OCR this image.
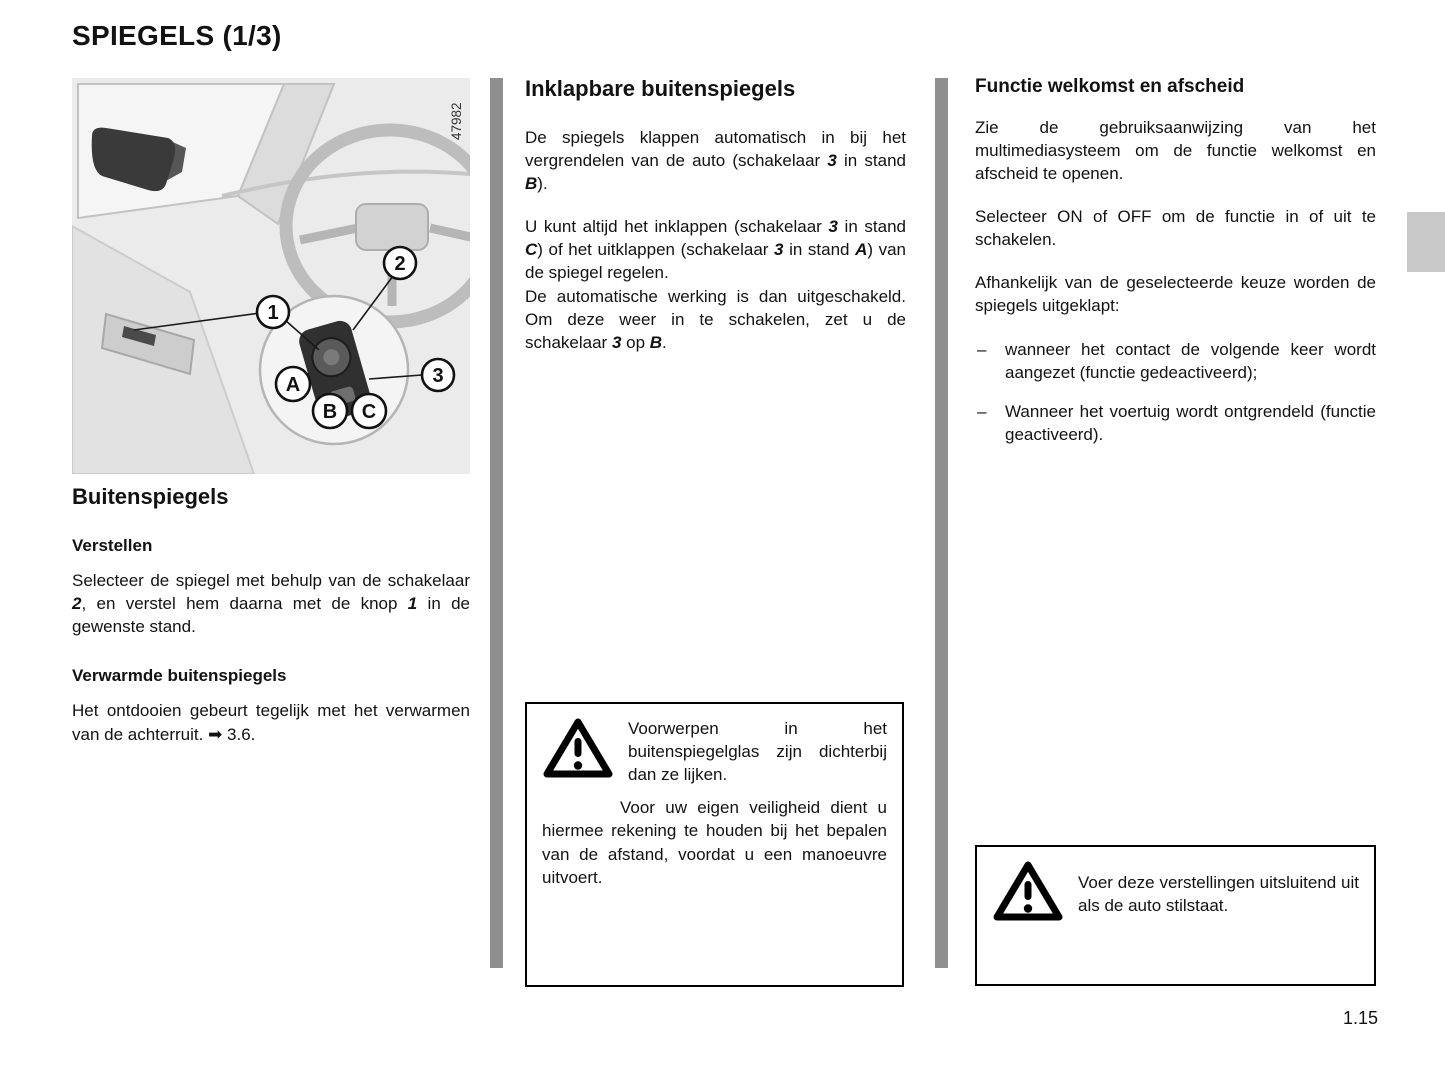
SPIEGELS (1/3)
1
2
3
A
B C
47982
Buitenspiegels
Verstellen

Selecteer de spiegel met behulp van de schakelaar 2, en verstel hem daarna met de knop 1 in de gewenste stand.

Verwarmde buitenspiegels

Het ontdooien gebeurt tegelijk met het verwarmen van de achterruit. ➡ 3.6.

Inklapbare buitenspiegels

De spiegels klappen automatisch in bij het vergrendelen van de auto (schakelaar 3 in stand B).

U kunt altijd het inklappen (schakelaar 3 in stand C) of het uitklappen (schakelaar 3 in stand A) van de spiegel regelen.

De automatische werking is dan uitgeschakeld. Om deze weer in te schakelen, zet u de schakelaar 3 op B.

Voorwerpen in het buitenspiegelglas zijn dichterbij dan ze lijken.

Voor uw eigen veiligheid dient u hiermee rekening te houden bij het bepalen van de afstand, voordat u een manoeuvre uitvoert.

Functie welkomst en afscheid

Zie de gebruiksaanwijzing van het multimediasysteem om de functie welkomst en afscheid te openen.

Selecteer ON of OFF om de functie in of uit te schakelen.

Afhankelijk van de geselecteerde keuze worden de spiegels uitgeklapt:

– wanneer het contact de volgende keer wordt aangezet (functie gedeactiveerd);
– Wanneer het voertuig wordt ontgrendeld (functie geactiveerd).

Voer deze verstellingen uitsluitend uit als de auto stilstaat.

1.15
